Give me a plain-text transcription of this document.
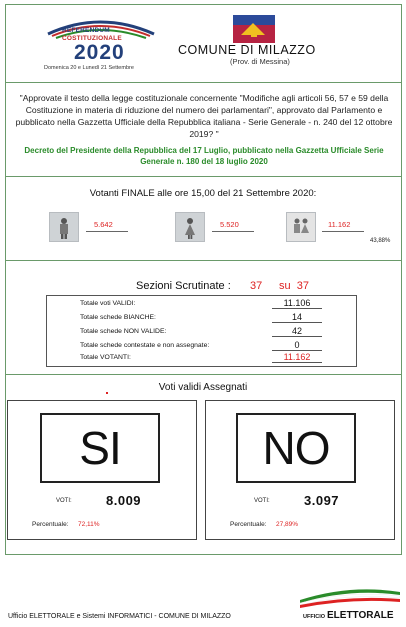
REFERENDUM
COSTITUZIONALE
2020
Domenica 20 e Lunedì 21 Settembre
COMUNE DI MILAZZO
(Prov. di Messina)
"Approvate il testo della legge costituzionale concernente "Modifiche agli articoli 56, 57 e 59 della Costituzione in materia di riduzione del numero dei parlamentari", approvato dal Parlamento e pubblicato nella Gazzetta Ufficiale della Repubblica italiana - Serie Generale - n. 240 del 12 ottobre 2019? "
Decreto del Presidente della Repubblica del 17 Luglio, pubblicato nella Gazzetta Ufficiale Serie Generale n. 180 del 18 luglio 2020
Votanti FINALE alle ore 15,00 del 21 Settembre 2020:
5.642	5.520	11.162
43,88%
Sezioni Scrutinate : 37 su 37
Totale voti VALIDI:	11.106
Totale schede BIANCHE:	14
Totale schede NON VALIDE:	42
Totale schede contestate e non assegnate:	0
Totale VOTANTI:	11.162
Voti validi Assegnati
SI
VOTI:	8.009
Percentuale: 72,11%
NO
VOTI:	3.097
Percentuale: 27,89%
Ufficio ELETTORALE e Sistemi INFORMATICI - COMUNE DI MILAZZO	UFFICIO ELETTORALE
